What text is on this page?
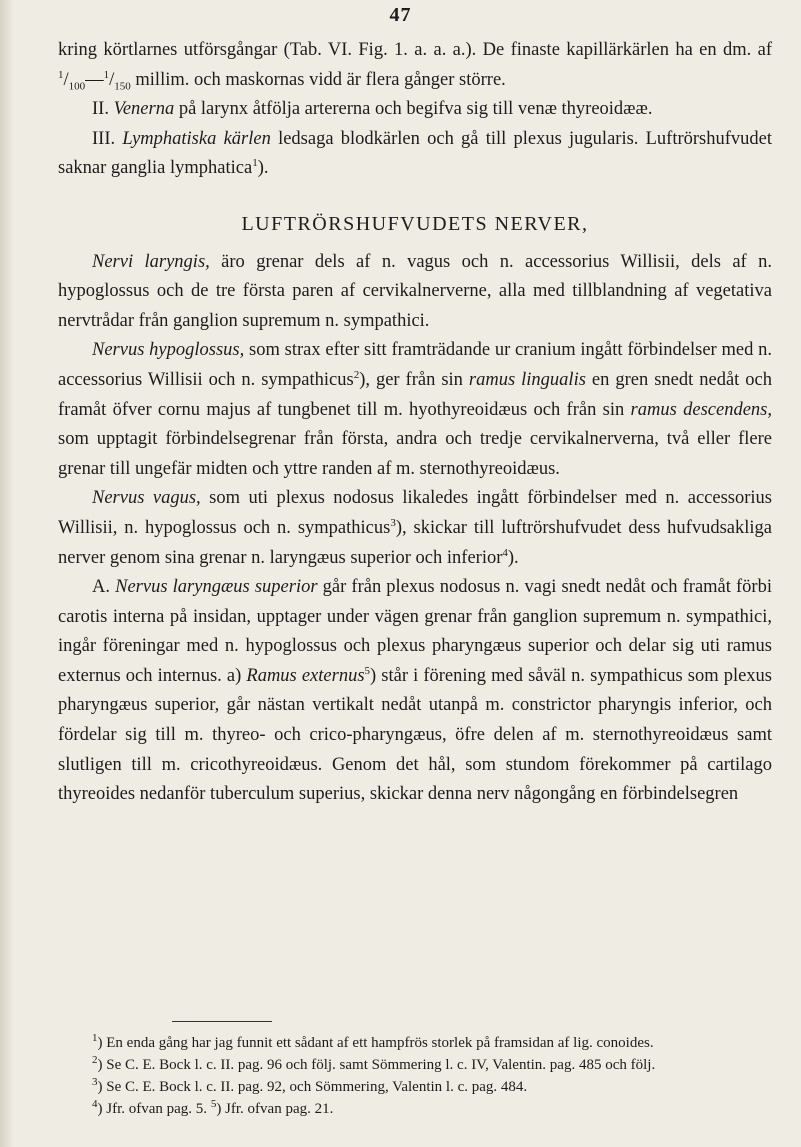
47

kring körtlarnes utförsgångar (Tab. VI. Fig. 1. a. a. a.). De finaste kapillärkärlen ha en dm. af $^1/_{100}—^1/_{150}$ millim. och maskornas vidd är flera gånger större.

II. Venerna på larynx åtfölja artererna och begifva sig till venæ thyreoidææ.

III. Lymphatiska kärlen ledsaga blodkärlen och gå till plexus jugularis. Luftrörshufvudet saknar ganglia lymphatica$^1$).

LUFTRÖRSHUFVUDETS NERVER,

Nervi laryngis, äro grenar dels af n. vagus och n. accessorius Willisii, dels af n. hypoglossus och de tre första paren af cervikalnerverne, alla med tillblandning af vegetativa nervtrådar från ganglion supremum n. sympathici.

Nervus hypoglossus, som strax efter sitt framträdande ur cranium ingått förbindelser med n. accessorius Willisii och n. sympathicus$^2$), ger från sin ramus lingualis en gren snedt nedåt och framåt öfver cornu majus af tungbenet till m. hyothyreoidæus och från sin ramus descendens, som upptagit förbindelsegrenar från första, andra och tredje cervikalnerverna, två eller flere grenar till ungefär midten och yttre randen af m. sternothyreoidæus.

Nervus vagus, som uti plexus nodosus likaledes ingått förbindelser med n. accessorius Willisii, n. hypoglossus och n. sympathicus$^3$), skickar till luftrörshufvudet dess hufvudsakliga nerver genom sina grenar n. laryngæus superior och inferior$^4$).

A. Nervus laryngæus superior går från plexus nodosus n. vagi snedt nedåt och framåt förbi carotis interna på insidan, upptager under vägen grenar från ganglion supremum n. sympathici, ingår föreningar med n. hypoglossus och plexus pharyngæus superior och delar sig uti ramus externus och internus. a) Ramus externus$^5$) står i förening med såväl n. sympathicus som plexus pharyngæus superior, går nästan vertikalt nedåt utanpå m. constrictor pharyngis inferior, och fördelar sig till m. thyreo- och crico-pharyngæus, öfre delen af m. sternothyreoidæus samt slutligen till m. cricothyreoidæus. Genom det hål, som stundom förekommer på cartilago thyreoides nedanför tuberculum superius, skickar denna nerv någongång en förbindelsegren

$^1$) En enda gång har jag funnit ett sådant af ett hampfrös storlek på framsidan af lig. conoides.

$^2$) Se C. E. Bock l. c. II. pag. 96 och följ. samt Sömmering l. c. IV, Valentin. pag. 485 och följ.

$^3$) Se C. E. Bock l. c. II. pag. 92, och Sömmering, Valentin l. c. pag. 484.

$^4$) Jfr. ofvan pag. 5. $^5$) Jfr. ofvan pag. 21.
